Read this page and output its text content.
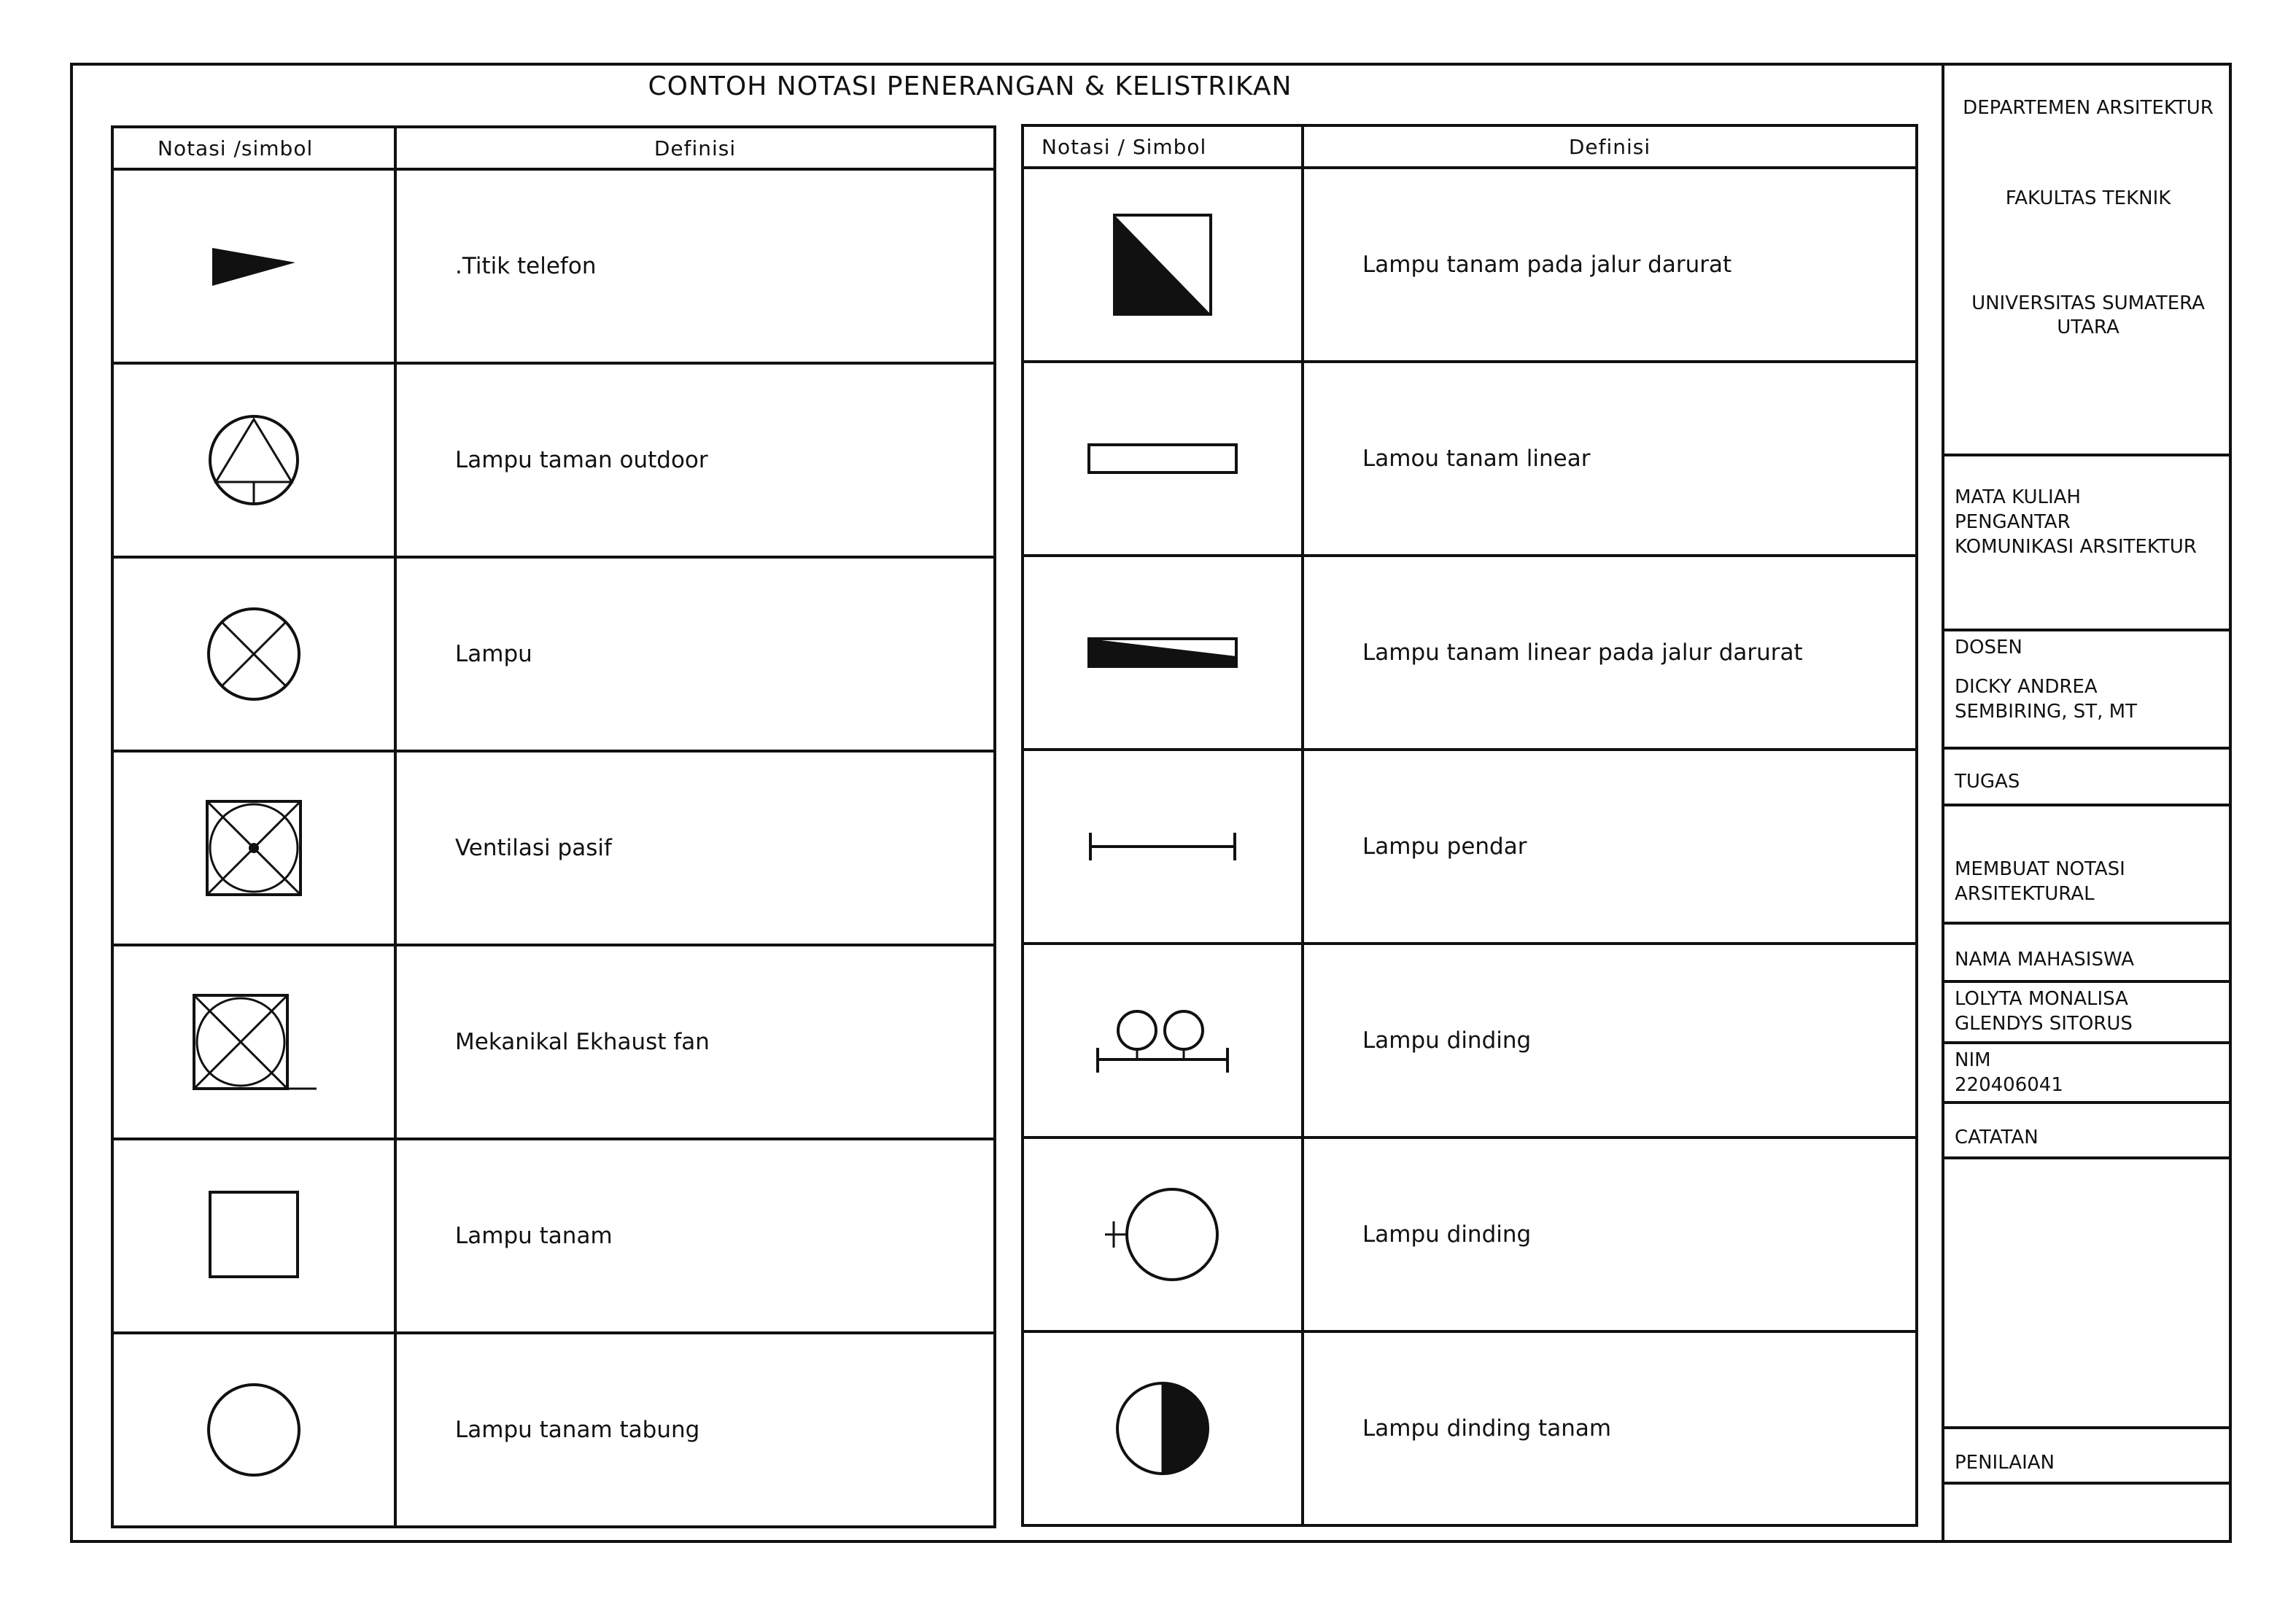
CONTOH NOTASI PENERANGAN & KELISTRIKAN
Notasi /simbol	Definisi

	.Titik telefon

	Lampu taman outdoor

	Lampu

	Ventilasi pasif

	Mekanikal Ekhaust fan

	Lampu tanam

	Lampu tanam tabung
Notasi / Simbol	Definisi

	Lampu tanam pada jalur darurat

	Lamou tanam linear

	Lampu tanam linear pada jalur darurat

	Lampu pendar

	Lampu dinding

	Lampu dinding

	Lampu dinding tanam
DEPARTEMEN ARSITEKTUR
FAKULTAS TEKNIK
UNIVERSITAS SUMATERA
UTARA
MATA KULIAH
PENGANTAR
KOMUNIKASI ARSITEKTUR
DOSEN
DICKY ANDREA
SEMBIRING, ST, MT
TUGAS
MEMBUAT NOTASI
ARSITEKTURAL
NAMA MAHASISWA
LOLYTA MONALISA
GLENDYS SITORUS
NIM
220406041
CATATAN
PENILAIAN
